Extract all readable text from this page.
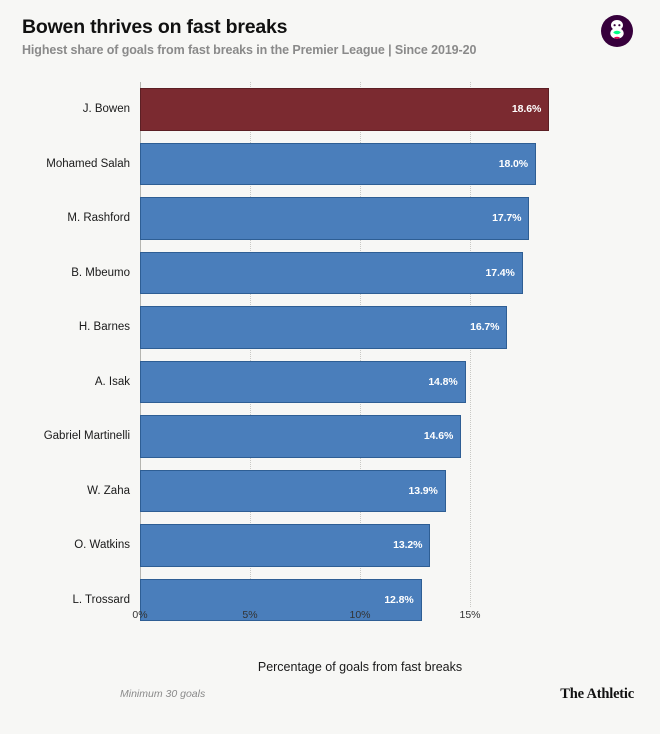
Bowen thrives on fast breaks

Highest share of goals from fast breaks in the Premier League | Since 2019-20

J. Bowen	18.6%
Mohamed Salah	18.0%
M. Rashford	17.7%
B. Mbeumo	17.4%
H. Barnes	16.7%
A. Isak	14.8%
Gabriel Martinelli	14.6%
W. Zaha	13.9%
O. Watkins	13.2%
L. Trossard	12.8%
0%	5%	10%	15%
Percentage of goals from fast breaks
Minimum 30 goals	The Athletic
